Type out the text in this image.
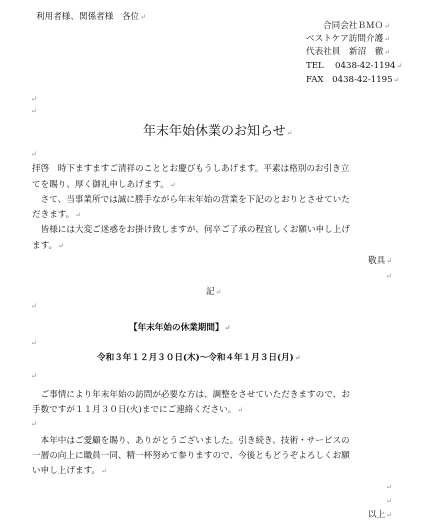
利用者様、関係者様　各位↵
合同会社ＢＭＯ↵
ベストケア訪問介護↵
代表社員　新沼　徹↵
TEL　 0438-42-1194↵
FAX　0438-42-1195↵
↵
↵
年末年始休業のお知らせ↵
↵
拝啓　時下ますますご清祥のこととお慶びもうしあげます。平素は格別のお引き立
てを賜り、厚く御礼申しあげます。↵
　さて、当事業所では誠に勝手ながら年末年始の営業を下記のとおりとさせていた
だきます。↵
　皆様には大変ご迷惑をお掛け致しますが、何卒ご了承の程宜しくお願い申し上げ
ます。↵
敬具↵
↵
記↵
↵
【年末年始の休業期間】↵
↵
令和３年１２月３０日(木)～令和４年１月３日(月)↵
↵
　ご事情により年末年始の訪問が必要な方は、調整をさせていただきますので、お
手数ですが１１月３０日(火)までにご連絡ください。↵
↵
　本年中はご愛顧を賜り、ありがとうございました。引き続き、技術・サービスの
一層の向上に職員一同、精一杯努めて参りますので、今後ともどうぞよろしくお願
い申し上げます。↵
↵
↵
以上↵
